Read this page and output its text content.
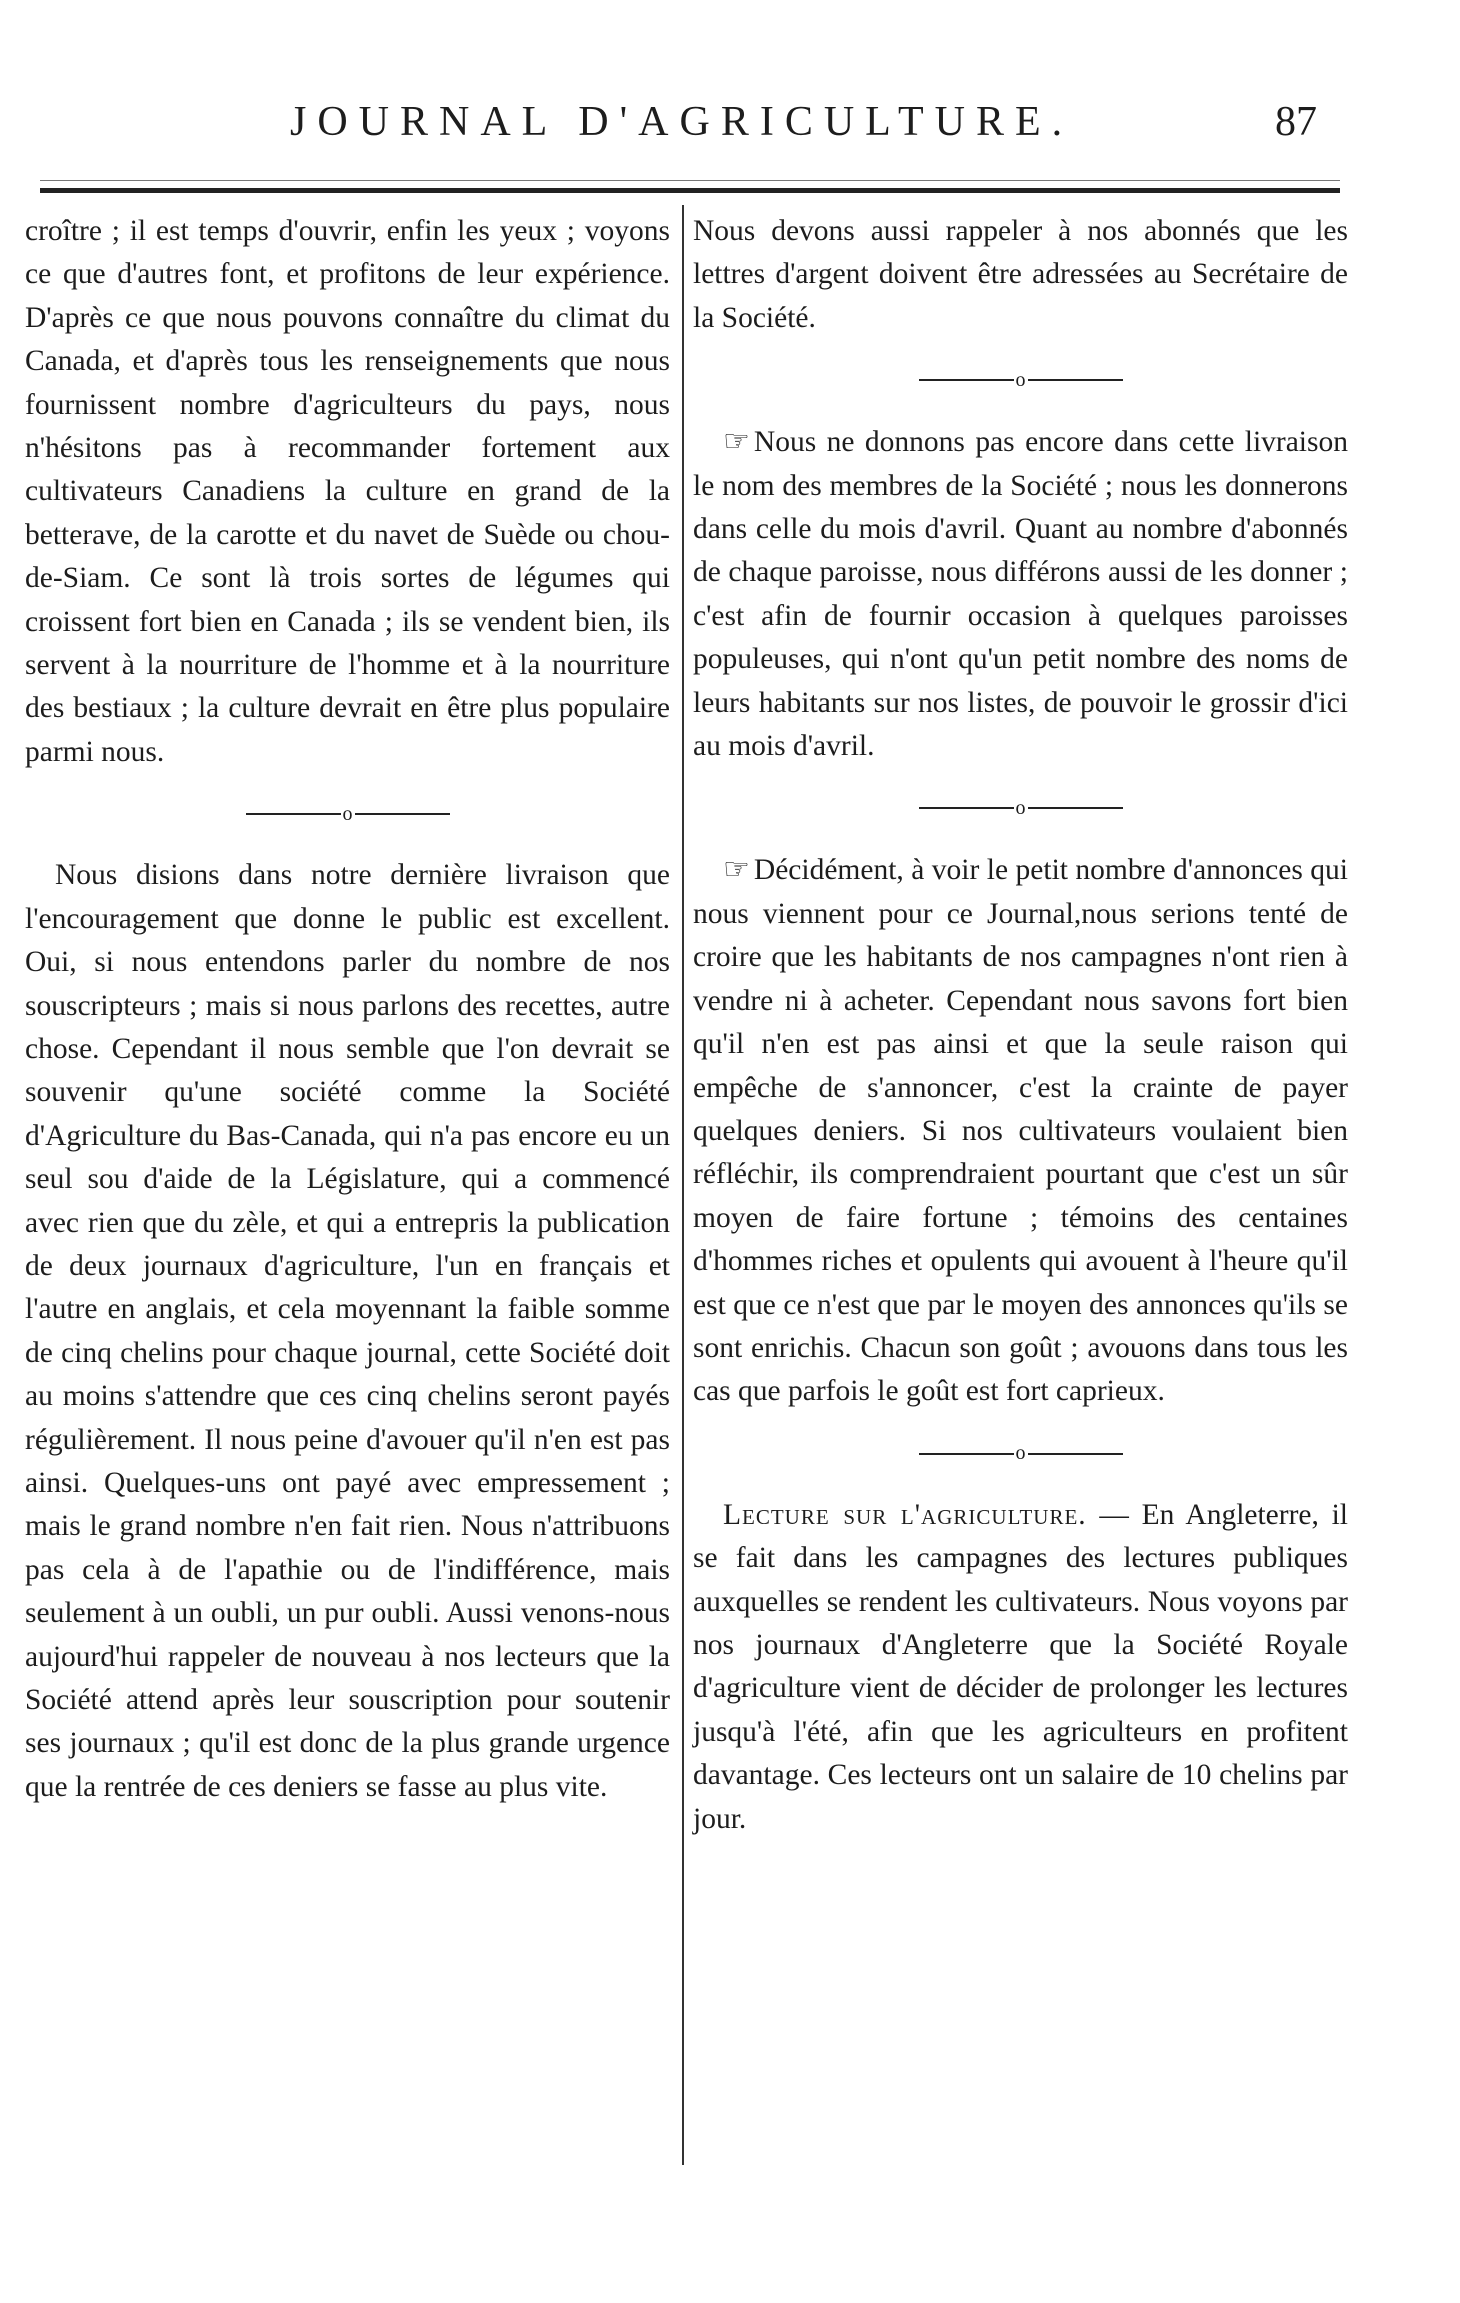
JOURNAL D'AGRICULTURE.	87

croître ; il est temps d'ouvrir, enfin les yeux ; voyons ce que d'autres font, et profitons de leur expérience. D'après ce que nous pouvons connaître du climat du Canada, et d'après tous les renseignements que nous fournissent nombre d'agriculteurs du pays, nous n'hésitons pas à recommander fortement aux cultivateurs Canadiens la culture en grand de la betterave, de la carotte et du navet de Suède ou chou-de-Siam. Ce sont là trois sortes de légumes qui croissent fort bien en Canada ; ils se vendent bien, ils servent à la nourriture de l'homme et à la nourriture des bestiaux ; la culture devrait en être plus populaire parmi nous.

o

Nous disions dans notre dernière livraison que l'encouragement que donne le public est excellent. Oui, si nous entendons parler du nombre de nos souscripteurs ; mais si nous parlons des recettes, autre chose. Cependant il nous semble que l'on devrait se souvenir qu'une société comme la Société d'Agriculture du Bas-Canada, qui n'a pas encore eu un seul sou d'aide de la Législature, qui a commencé avec rien que du zèle, et qui a entrepris la publication de deux journaux d'agriculture, l'un en français et l'autre en anglais, et cela moyennant la faible somme de cinq chelins pour chaque journal, cette Société doit au moins s'attendre que ces cinq chelins seront payés régulièrement. Il nous peine d'avouer qu'il n'en est pas ainsi. Quelques-uns ont payé avec empressement ; mais le grand nombre n'en fait rien. Nous n'attribuons pas cela à de l'apathie ou de l'indifférence, mais seulement à un oubli, un pur oubli. Aussi venons-nous aujourd'hui rappeler de nouveau à nos lecteurs que la Société attend après leur souscription pour soutenir ses journaux ; qu'il est donc de la plus grande urgence que la rentrée de ces deniers se fasse au plus vite.

Nous devons aussi rappeler à nos abonnés que les lettres d'argent doivent être adressées au Secrétaire de la Société.

o

☞ Nous ne donnons pas encore dans cette livraison le nom des membres de la Société ; nous les donnerons dans celle du mois d'avril. Quant au nombre d'abonnés de chaque paroisse, nous différons aussi de les donner ; c'est afin de fournir occasion à quelques paroisses populeuses, qui n'ont qu'un petit nombre des noms de leurs habitants sur nos listes, de pouvoir le grossir d'ici au mois d'avril.

o

☞ Décidément, à voir le petit nombre d'annonces qui nous viennent pour ce Journal,nous serions tenté de croire que les habitants de nos campagnes n'ont rien à vendre ni à acheter. Cependant nous savons fort bien qu'il n'en est pas ainsi et que la seule raison qui empêche de s'annoncer, c'est la crainte de payer quelques deniers. Si nos cultivateurs voulaient bien réfléchir, ils comprendraient pourtant que c'est un sûr moyen de faire fortune ; témoins des centaines d'hommes riches et opulents qui avouent à l'heure qu'il est que ce n'est que par le moyen des annonces qu'ils se sont enrichis. Chacun son goût ; avouons dans tous les cas que parfois le goût est fort caprieux.

o

Lecture sur l'agriculture. — En Angleterre, il se fait dans les campagnes des lectures publiques auxquelles se rendent les cultivateurs. Nous voyons par nos journaux d'Angleterre que la Société Royale d'agriculture vient de décider de prolonger les lectures jusqu'à l'été, afin que les agriculteurs en profitent davantage. Ces lecteurs ont un salaire de 10 chelins par jour.
